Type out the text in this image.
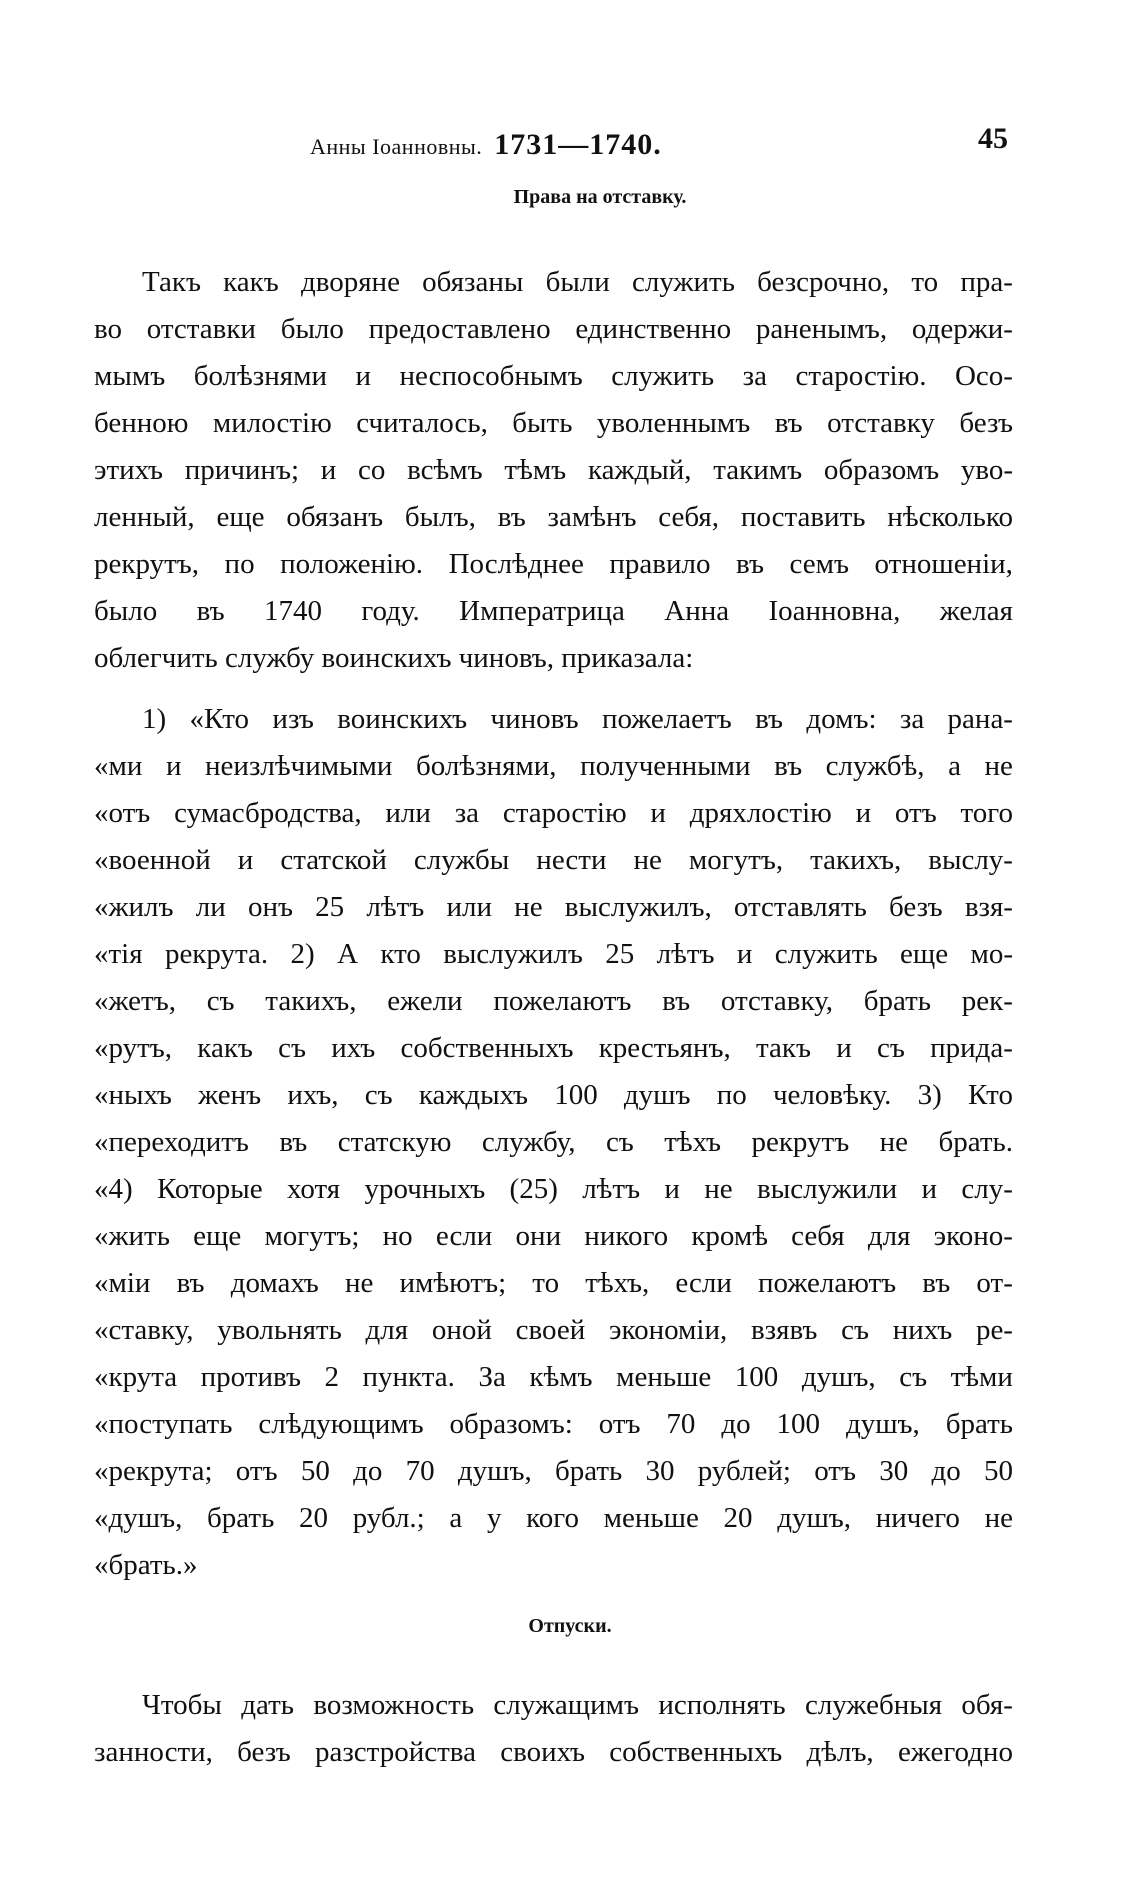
Анны Іоанновны. 1731—1740.	45
Права на отставку.
Такъ какъ дворяне обязаны были служить безсрочно, то пра-
во отставки было предоставлено единственно раненымъ, одержи-
мымъ болѣзнями и неспособнымъ служить за старостію. Осо-
бенною милостію считалось, быть уволеннымъ въ отставку безъ
этихъ причинъ; и со всѣмъ тѣмъ каждый, такимъ образомъ уво-
ленный, еще обязанъ былъ, въ замѣнъ себя, поставить нѣсколько
рекрутъ, по положенію. Послѣднее правило въ семъ отношеніи,
было въ 1740 году. Императрица Анна Іоанновна, желая
облегчить службу воинскихъ чиновъ, приказала:
1) «Кто изъ воинскихъ чиновъ пожелаетъ въ домъ: за рана-
«ми и неизлѣчимыми болѣзнями, полученными въ службѣ, а не
«отъ сумасбродства, или за старостію и дряхлостію и отъ того
«военной и статской службы нести не могутъ, такихъ, выслу-
«жилъ ли онъ 25 лѣтъ или не выслужилъ, отставлять безъ взя-
«тія рекрута. 2) А кто выслужилъ 25 лѣтъ и служить еще мо-
«жетъ, съ такихъ, ежели пожелаютъ въ отставку, брать рек-
«рутъ, какъ съ ихъ собственныхъ крестьянъ, такъ и съ прида-
«ныхъ женъ ихъ, съ каждыхъ 100 душъ по человѣку. 3) Кто
«переходитъ въ статскую службу, съ тѣхъ рекрутъ не брать.
«4) Которые хотя урочныхъ (25) лѣтъ и не выслужили и слу-
«жить еще могутъ; но если они никого кромѣ себя для эконо-
«міи въ домахъ не имѣютъ; то тѣхъ, если пожелаютъ въ от-
«ставку, увольнять для оной своей экономіи, взявъ съ нихъ ре-
«крута противъ 2 пункта. За кѣмъ меньше 100 душъ, съ тѣми
«поступать слѣдующимъ образомъ: отъ 70 до 100 душъ, брать
«рекрута; отъ 50 до 70 душъ, брать 30 рублей; отъ 30 до 50
«душъ, брать 20 рубл.; а у кого меньше 20 душъ, ничего не
«брать.»
Отпуски.
Чтобы дать возможность служащимъ исполнять служебныя обя-
занности, безъ разстройства своихъ собственныхъ дѣлъ, ежегодно
